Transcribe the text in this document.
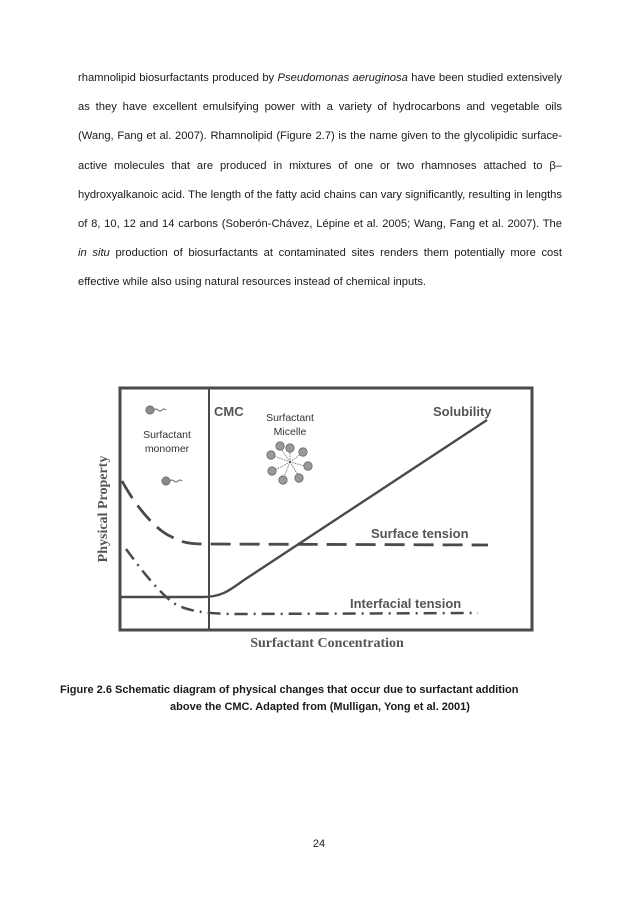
rhamnolipid biosurfactants produced by Pseudomonas aeruginosa have been studied extensively as they have excellent emulsifying power with a variety of hydrocarbons and vegetable oils (Wang, Fang et al. 2007). Rhamnolipid (Figure 2.7) is the name given to the glycolipidic surface-active molecules that are produced in mixtures of one or two rhamnoses attached to β–hydroxyalkanoic acid. The length of the fatty acid chains can vary significantly, resulting in lengths of 8, 10, 12 and 14 carbons (Soberón-Chávez, Lépine et al. 2005; Wang, Fang et al. 2007). The in situ production of biosurfactants at contaminated sites renders them potentially more cost effective while also using natural resources instead of chemical inputs.
Physical Property
Surfactant Concentration
CMC
Surfactant
monomer
Surfactant
Micelle
Solubility
Surface tension
Interfacial tension
Figure 2.6 Schematic diagram of physical changes that occur due to surfactant addition
above the CMC. Adapted from (Mulligan, Yong et al. 2001)
24
